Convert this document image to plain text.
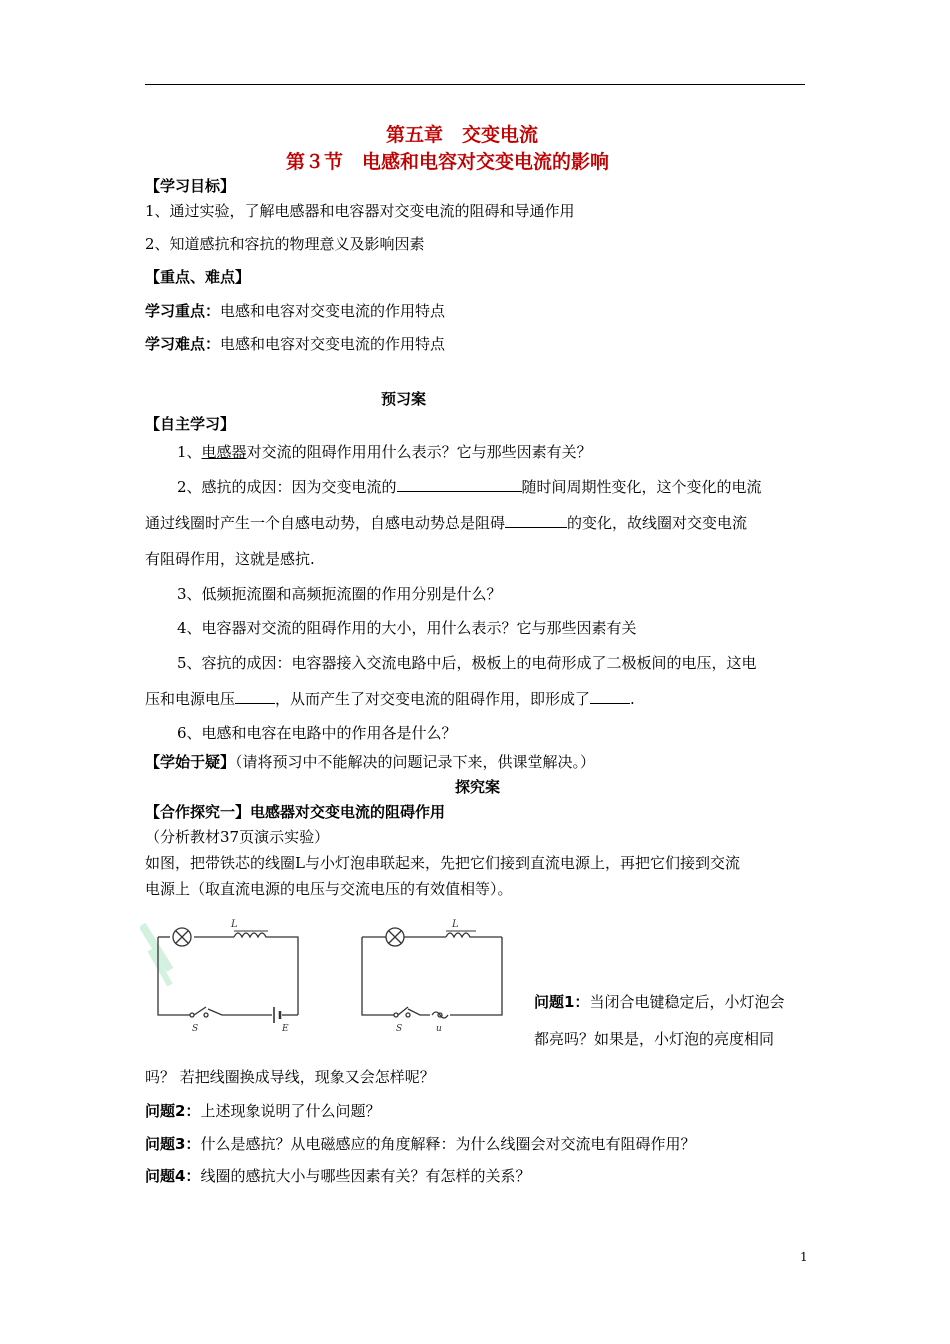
第五章　交变电流
第３节　电感和电容对交变电流的影响
【学习目标】
1、通过实验，了解电感器和电容器对交变电流的阻碍和导通作用
2、知道感抗和容抗的物理意义及影响因素
【重点、难点】
学习重点：电感和电容对交变电流的作用特点
学习难点：电感和电容对交变电流的作用特点
预习案
【自主学习】
1、电感器对交流的阻碍作用用什么表示？它与那些因素有关？
2、感抗的成因：因为交变电流的	随时间周期性变化，这个变化的电流
通过线圈时产生一个自感电动势，自感电动势总是阻碍	的变化，故线圈对交变电流
有阻碍作用，这就是感抗.
3、低频扼流圈和高频扼流圈的作用分别是什么？
4、电容器对交流的阻碍作用的大小，用什么表示？它与那些因素有关
5、容抗的成因：电容器接入交流电路中后，极板上的电荷形成了二极板间的电压，这电
压和电源电压	，从而产生了对交变电流的阻碍作用，即形成了	.
6、电感和电容在电路中的作用各是什么？
【学始于疑】（请将预习中不能解决的问题记录下来，供课堂解决。）
探究案
【合作探究一】电感器对交变电流的阻碍作用
（分析教材37页演示实验）
如图，把带铁芯的线圈L与小灯泡串联起来，先把它们接到直流电源上，再把它们接到交流
电源上（取直流电源的电压与交流电压的有效值相等）。
L
S	E
L
S	u
问题1：当闭合电键稳定后，小灯泡会
都亮吗？如果是，小灯泡的亮度相同
吗？ 若把线圈换成导线，现象又会怎样呢？
问题2：上述现象说明了什么问题？
问题3：什么是感抗？从电磁感应的角度解释：为什么线圈会对交流电有阻碍作用？
问题4：线圈的感抗大小与哪些因素有关？有怎样的关系？
1
